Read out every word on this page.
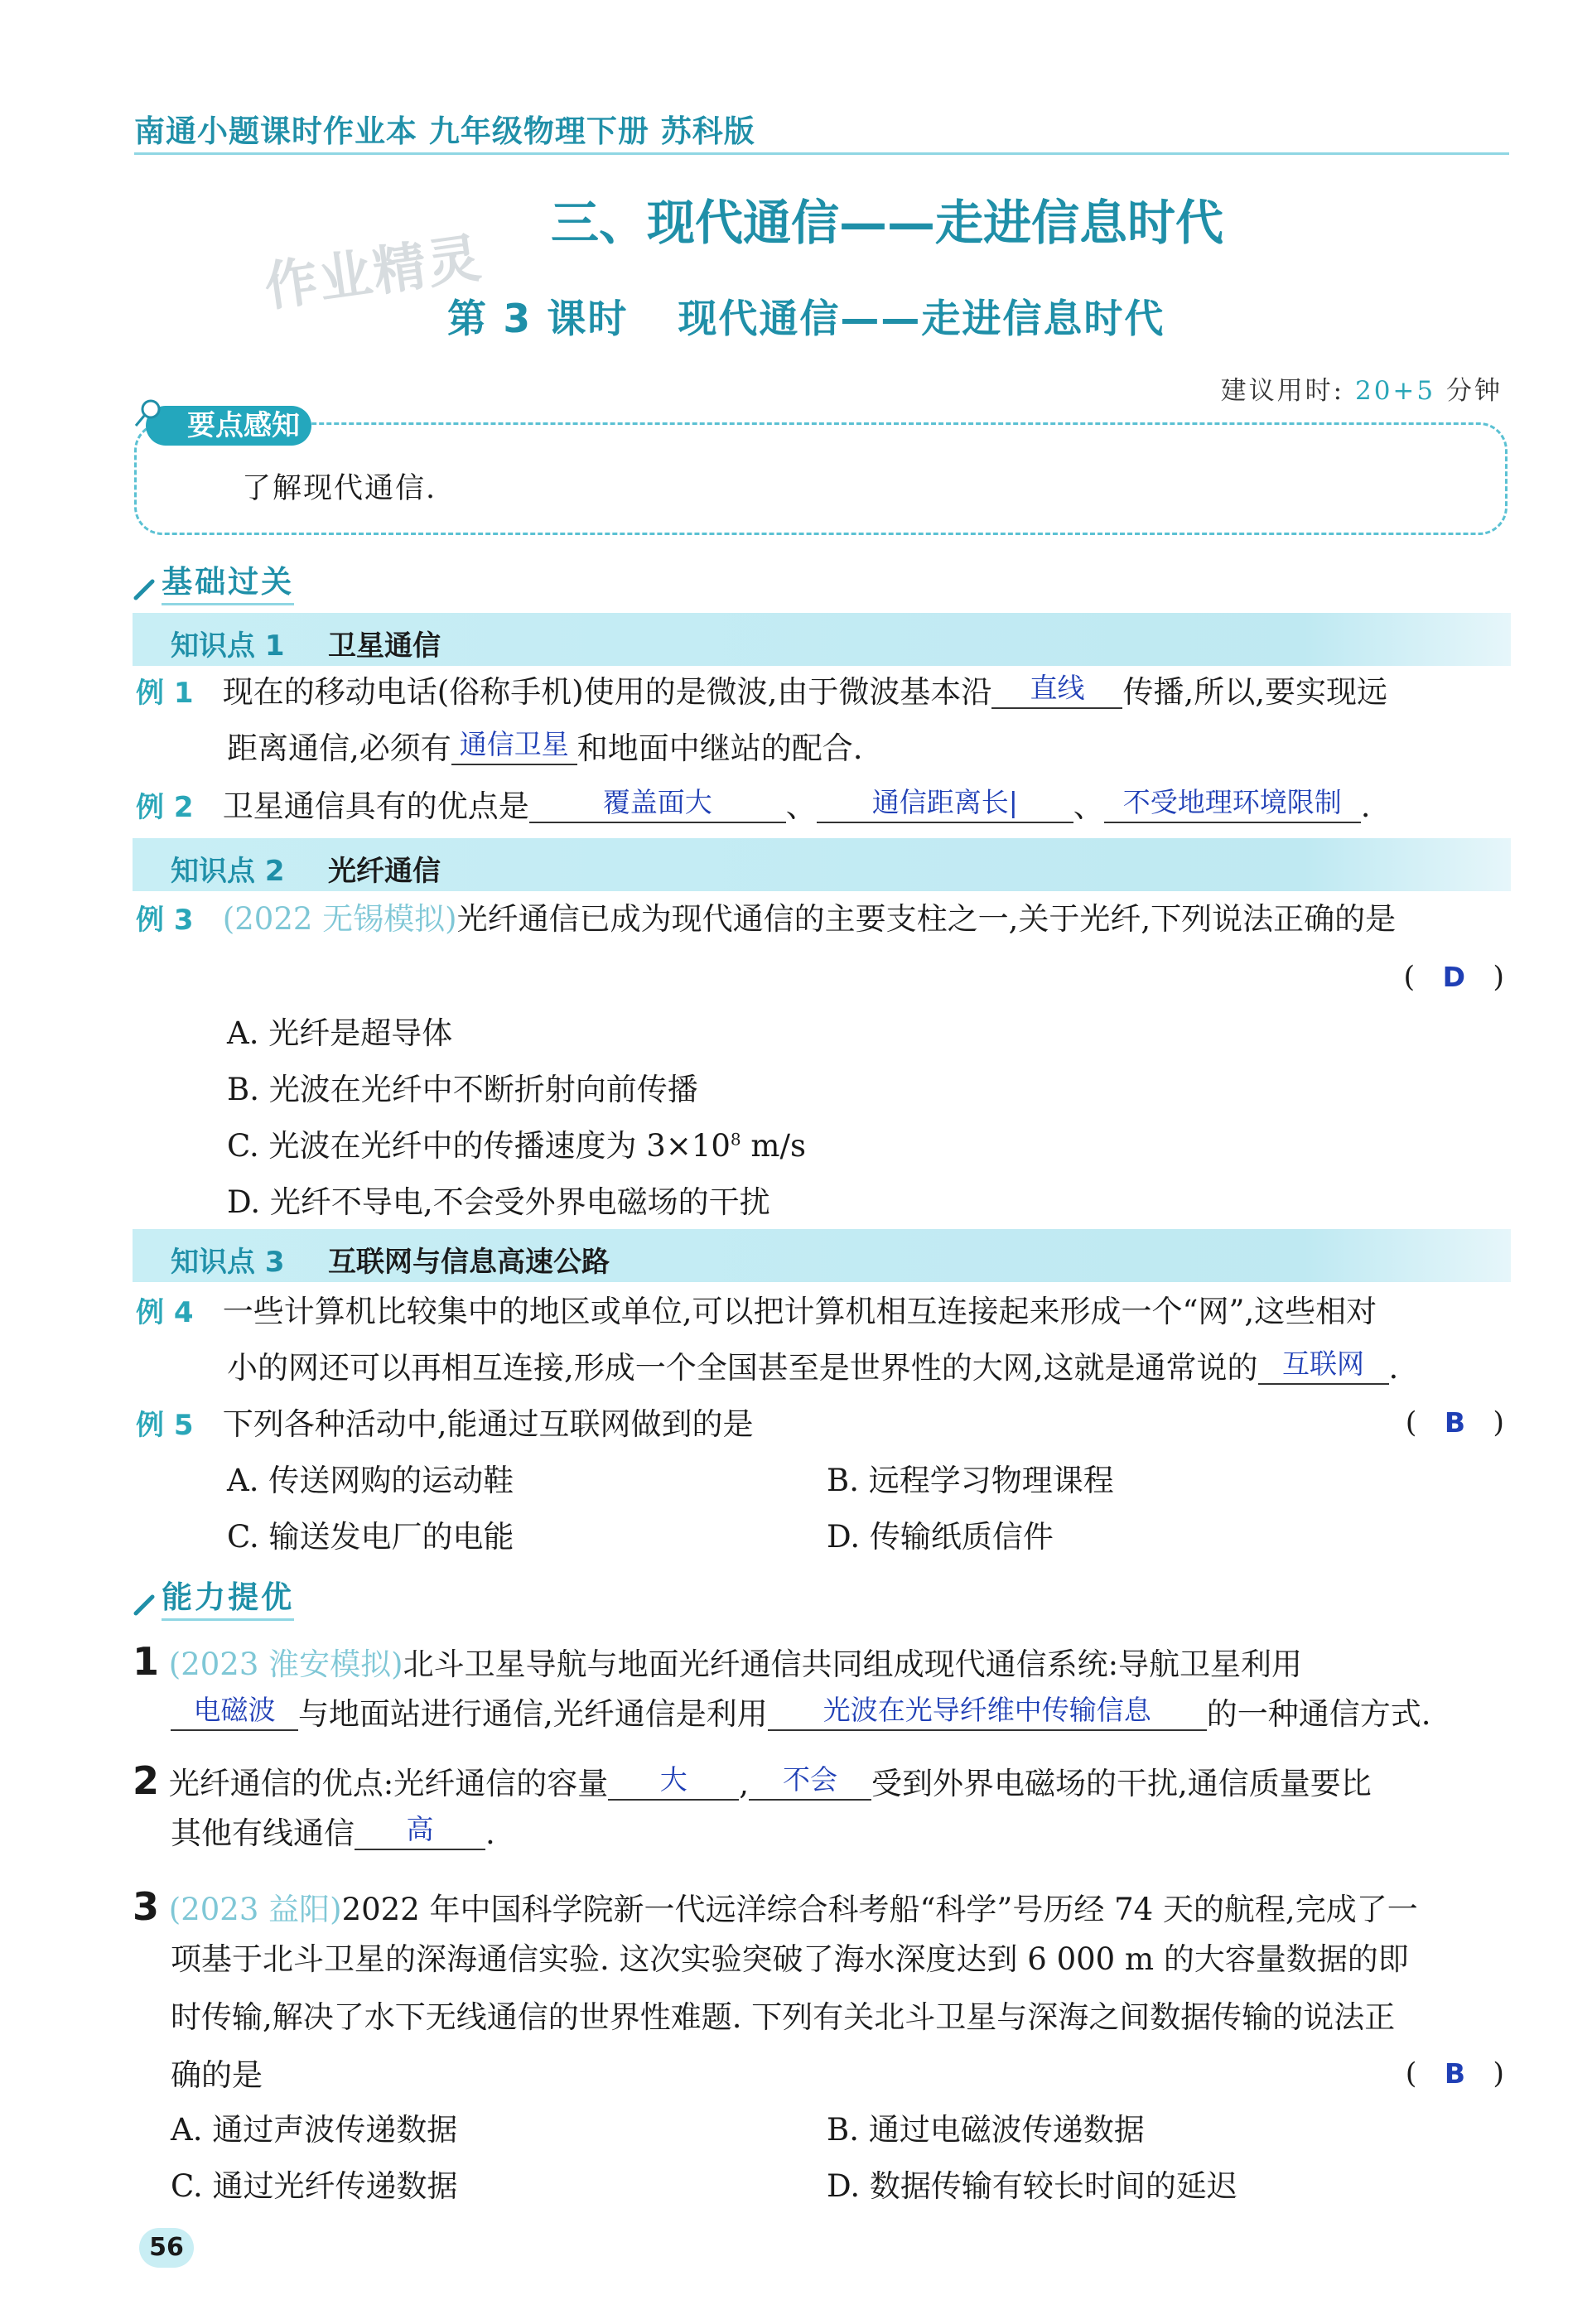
南通小题课时作业本 九年级物理下册 苏科版
作业精灵
三、现代通信——走进信息时代
第 3 课时 现代通信——走进信息时代
建议用时: 20+5 分钟
要点感知
了解现代通信.
基础过关
知识点 1 卫星通信
例 1 现在的移动电话(俗称手机)使用的是微波,由于微波基本沿 直线 传播,所以,要实现远
距离通信,必须有 通信卫星 和地面中继站的配合.
例 2 卫星通信具有的优点是	覆盖面大 、 通信距离长| 、 不受地理环境限制 .
知识点 2 光纤通信
例 3 (2022 无锡模拟)光纤通信已成为现代通信的主要支柱之一,关于光纤,下列说法正确的是
(   D   )
A. 光纤是超导体
B. 光波在光纤中不断折射向前传播
C. 光波在光纤中的传播速度为 $3\times 10^8$ m/s
D. 光纤不导电,不会受外界电磁场的干扰
知识点 3 互联网与信息高速公路
例 4 一些计算机比较集中的地区或单位,可以把计算机相互连接起来形成一个“网”,这些相对
小的网还可以再相互连接,形成一个全国甚至是世界性的大网,这就是通常说的 互联网 .
例 5 下列各种活动中,能通过互联网做到的是	(   B   )
A. 传送网购的运动鞋	B. 远程学习物理课程
C. 输送发电厂的电能	D. 传输纸质信件
能力提优
1 (2023 淮安模拟)北斗卫星导航与地面光纤通信共同组成现代通信系统:导航卫星利用
电磁波 与地面站进行通信,光纤通信是利用 光波在光导纤维中传输信息 的一种通信方式.
2 光纤通信的优点:光纤通信的容量 大 , 不会 受到外界电磁场的干扰,通信质量要比
其他有线通信 高 .
3 (2023 益阳)2022 年中国科学院新一代远洋综合科考船“科学”号历经 74 天的航程,完成了一
项基于北斗卫星的深海通信实验. 这次实验突破了海水深度达到 6 000 m 的大容量数据的即
时传输,解决了水下无线通信的世界性难题. 下列有关北斗卫星与深海之间数据传输的说法正
确的是	(   B   )
A. 通过声波传递数据	B. 通过电磁波传递数据
C. 通过光纤传递数据	D. 数据传输有较长时间的延迟
56
